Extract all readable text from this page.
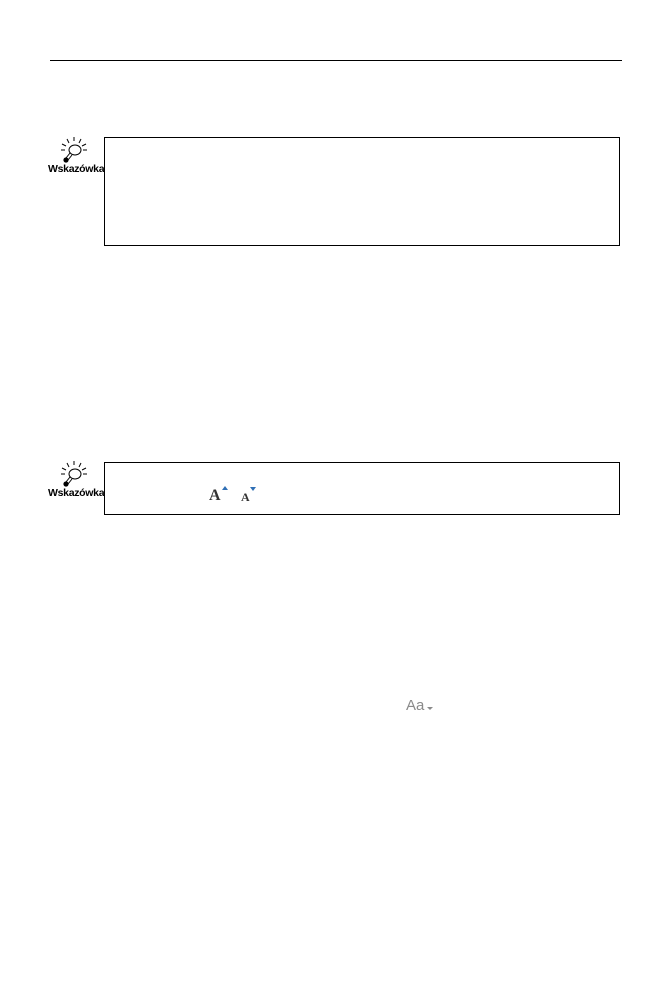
Wskazówka
Wskazówka	A A
Aa
